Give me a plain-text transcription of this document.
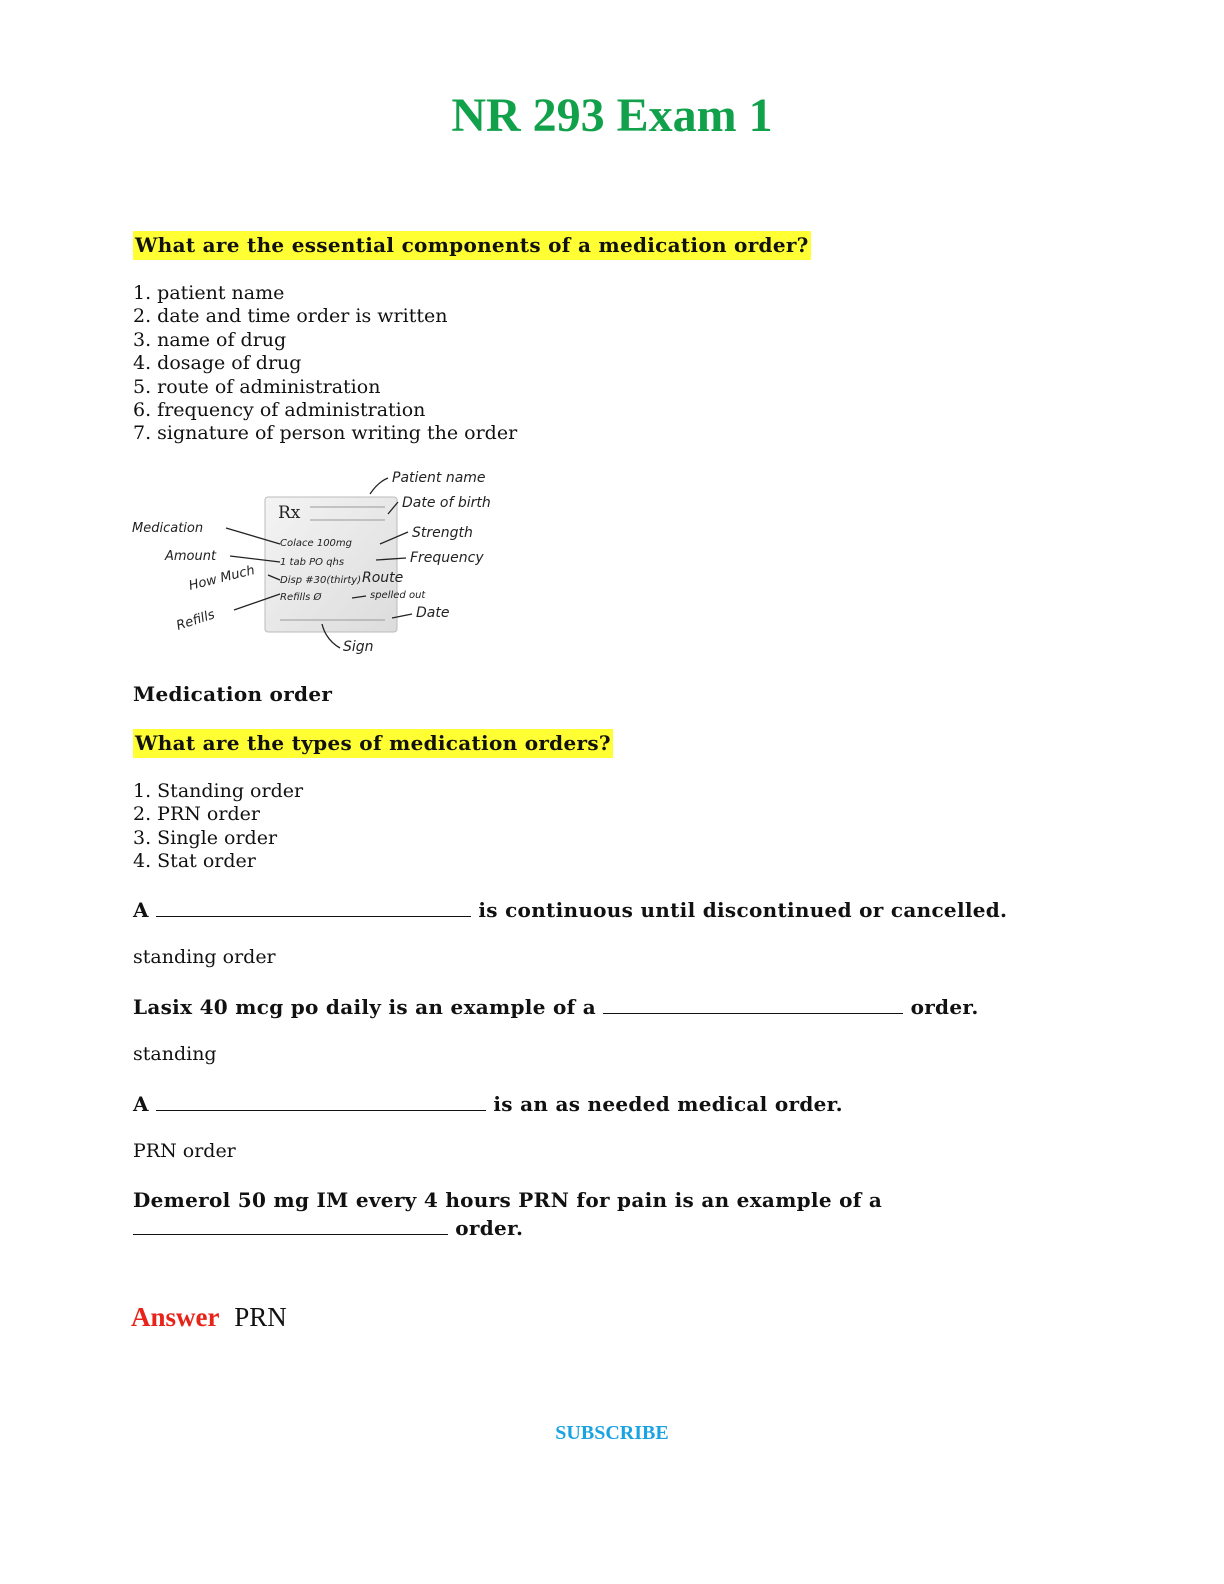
NR 293 Exam 1
What are the essential components of a medication order?
1. patient name
2. date and time order is written
3. name of drug
4. dosage of drug
5. route of administration
6. frequency of administration
7. signature of person writing the order
Rx
Colace 100mg
1 tab PO qhs
Disp #30(thirty)
Refills Ø
Patient name
Date of birth
Strength
Frequency
Route
spelled out
Date
Sign
Medication
Amount
How Much
Refills
Medication order
What are the types of medication orders?
1. Standing order
2. PRN order
3. Single order
4. Stat order
A	is continuous until discontinued or cancelled.
standing order
Lasix 40 mcg po daily is an example of a	order.
standing
A	is an as needed medical order.
PRN order
Demerol 50 mg IM every 4 hours PRN for pain is an example of a
order.
Answer PRN
SUBSCRIBE
